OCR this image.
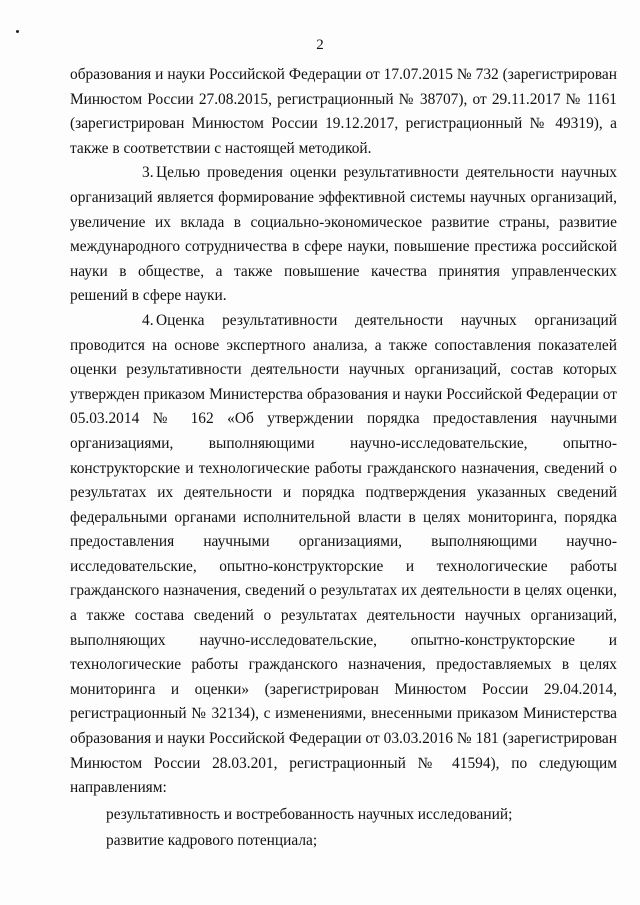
2

образования и науки Российской Федерации от 17.07.2015 № 732 (зарегистрирован Минюстом России 27.08.2015, регистрационный № 38707), от 29.11.2017 № 1161 (зарегистрирован Минюстом России 19.12.2017, регистрационный № 49319), а также в соответствии с настоящей методикой.

3. Целью проведения оценки результативности деятельности научных организаций является формирование эффективной системы научных организаций, увеличение их вклада в социально-экономическое развитие страны, развитие международного сотрудничества в сфере науки, повышение престижа российской науки в обществе, а также повышение качества принятия управленческих решений в сфере науки.

4. Оценка результативности деятельности научных организаций проводится на основе экспертного анализа, а также сопоставления показателей оценки результативности деятельности научных организаций, состав которых утвержден приказом Министерства образования и науки Российской Федерации от 05.03.2014 № 162 «Об утверждении порядка предоставления научными организациями, выполняющими научно-исследовательские, опытно-конструкторские и технологические работы гражданского назначения, сведений о результатах их деятельности и порядка подтверждения указанных сведений федеральными органами исполнительной власти в целях мониторинга, порядка предоставления научными организациями, выполняющими научно-исследовательские, опытно-конструкторские и технологические работы гражданского назначения, сведений о результатах их деятельности в целях оценки, а также состава сведений о результатах деятельности научных организаций, выполняющих научно-исследовательские, опытно-конструкторские и технологические работы гражданского назначения, предоставляемых в целях мониторинга и оценки» (зарегистрирован Минюстом России 29.04.2014, регистрационный № 32134), с изменениями, внесенными приказом Министерства образования и науки Российской Федерации от 03.03.2016 № 181 (зарегистрирован Минюстом России 28.03.201, регистрационный № 41594), по следующим направлениям:

результативность и востребованность научных исследований;

развитие кадрового потенциала;
